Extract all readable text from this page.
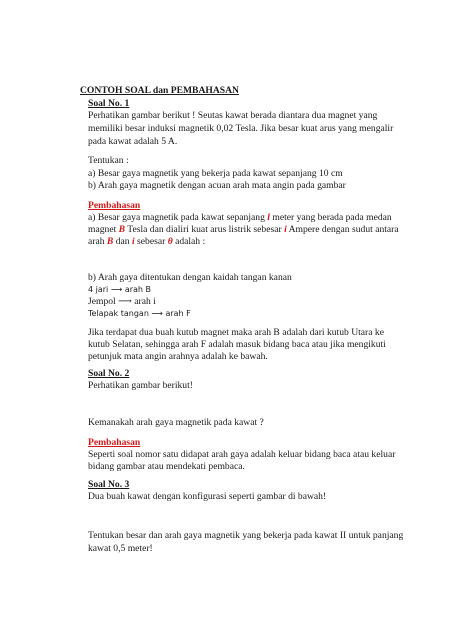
CONTOH SOAL dan PEMBAHASAN
Soal No. 1
Perhatikan gambar berikut ! Seutas kawat berada diantara dua magnet yang
memiliki besar induksi magnetik 0,02 Tesla. Jika besar kuat arus yang mengalir
pada kawat adalah 5 A.
Tentukan :
a) Besar gaya magnetik yang bekerja pada kawat sepanjang 10 cm
b) Arah gaya magnetik dengan acuan arah mata angin pada gambar
Pembahasan
a) Besar gaya magnetik pada kawat sepanjang l meter yang berada pada medan
magnet B Tesla dan dialiri kuat arus listrik sebesar i Ampere dengan sudut antara
arah B dan i sebesar θ adalah :
b) Arah gaya ditentukan dengan kaidah tangan kanan
4 jari ⟶ arah B
Jempol ⟶ arah i
Telapak tangan ⟶ arah F
Jika terdapat dua buah kutub magnet maka arah B adalah dari kutub Utara ke
kutub Selatan, sehingga arah F adalah masuk bidang baca atau jika mengikuti
petunjuk mata angin arahnya adalah ke bawah.
Soal No. 2
Perhatikan gambar berikut!
Kemanakah arah gaya magnetik pada kawat ?
Pembahasan
Seperti soal nomor satu didapat arah gaya adalah keluar bidang baca atau keluar
bidang gambar atau mendekati pembaca.
Soal No. 3
Dua buah kawat dengan konfigurasi seperti gambar di bawah!
Tentukan besar dan arah gaya magnetik yang bekerja pada kawat II untuk panjang
kawat 0,5 meter!
